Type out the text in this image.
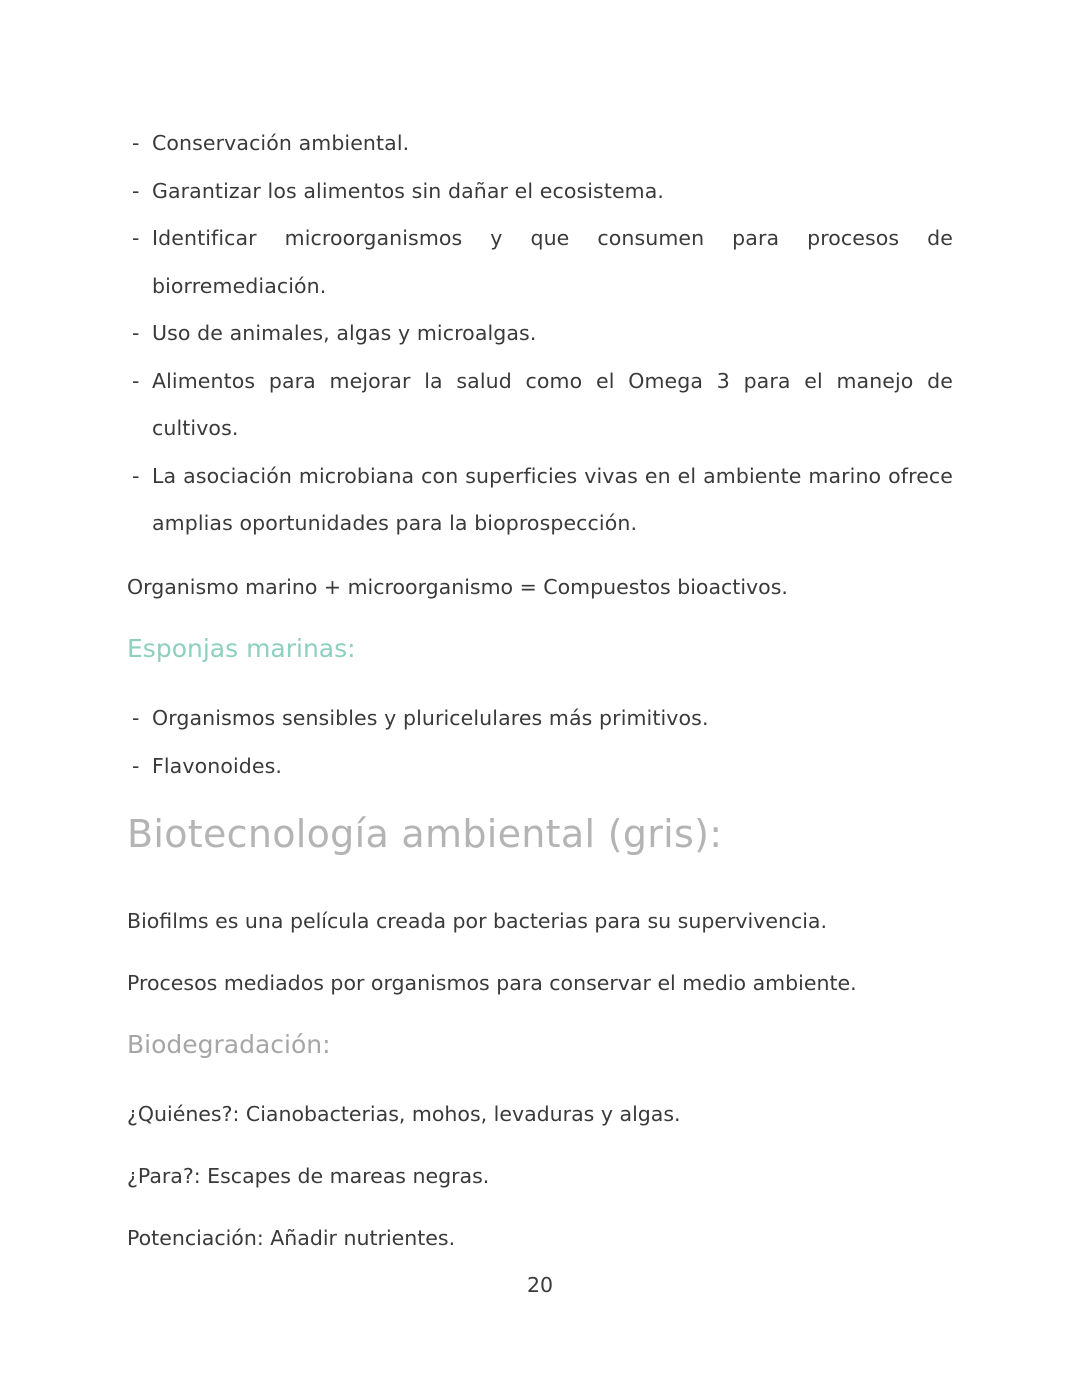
- Conservación ambiental.
- Garantizar los alimentos sin dañar el ecosistema.
- Identificar microorganismos y que consumen para procesos de biorremediación.
- Uso de animales, algas y microalgas.
- Alimentos para mejorar la salud como el Omega 3 para el manejo de cultivos.
- La asociación microbiana con superficies vivas en el ambiente marino ofrece amplias oportunidades para la bioprospección.

Organismo marino + microorganismo = Compuestos bioactivos.

Esponjas marinas:
- Organismos sensibles y pluricelulares más primitivos.
- Flavonoides.
Biotecnología ambiental (gris):

Biofilms es una película creada por bacterias para su supervivencia.

Procesos mediados por organismos para conservar el medio ambiente.

Biodegradación:

¿Quiénes?: Cianobacterias, mohos, levaduras y algas.

¿Para?: Escapes de mareas negras.

Potenciación: Añadir nutrientes.

20
